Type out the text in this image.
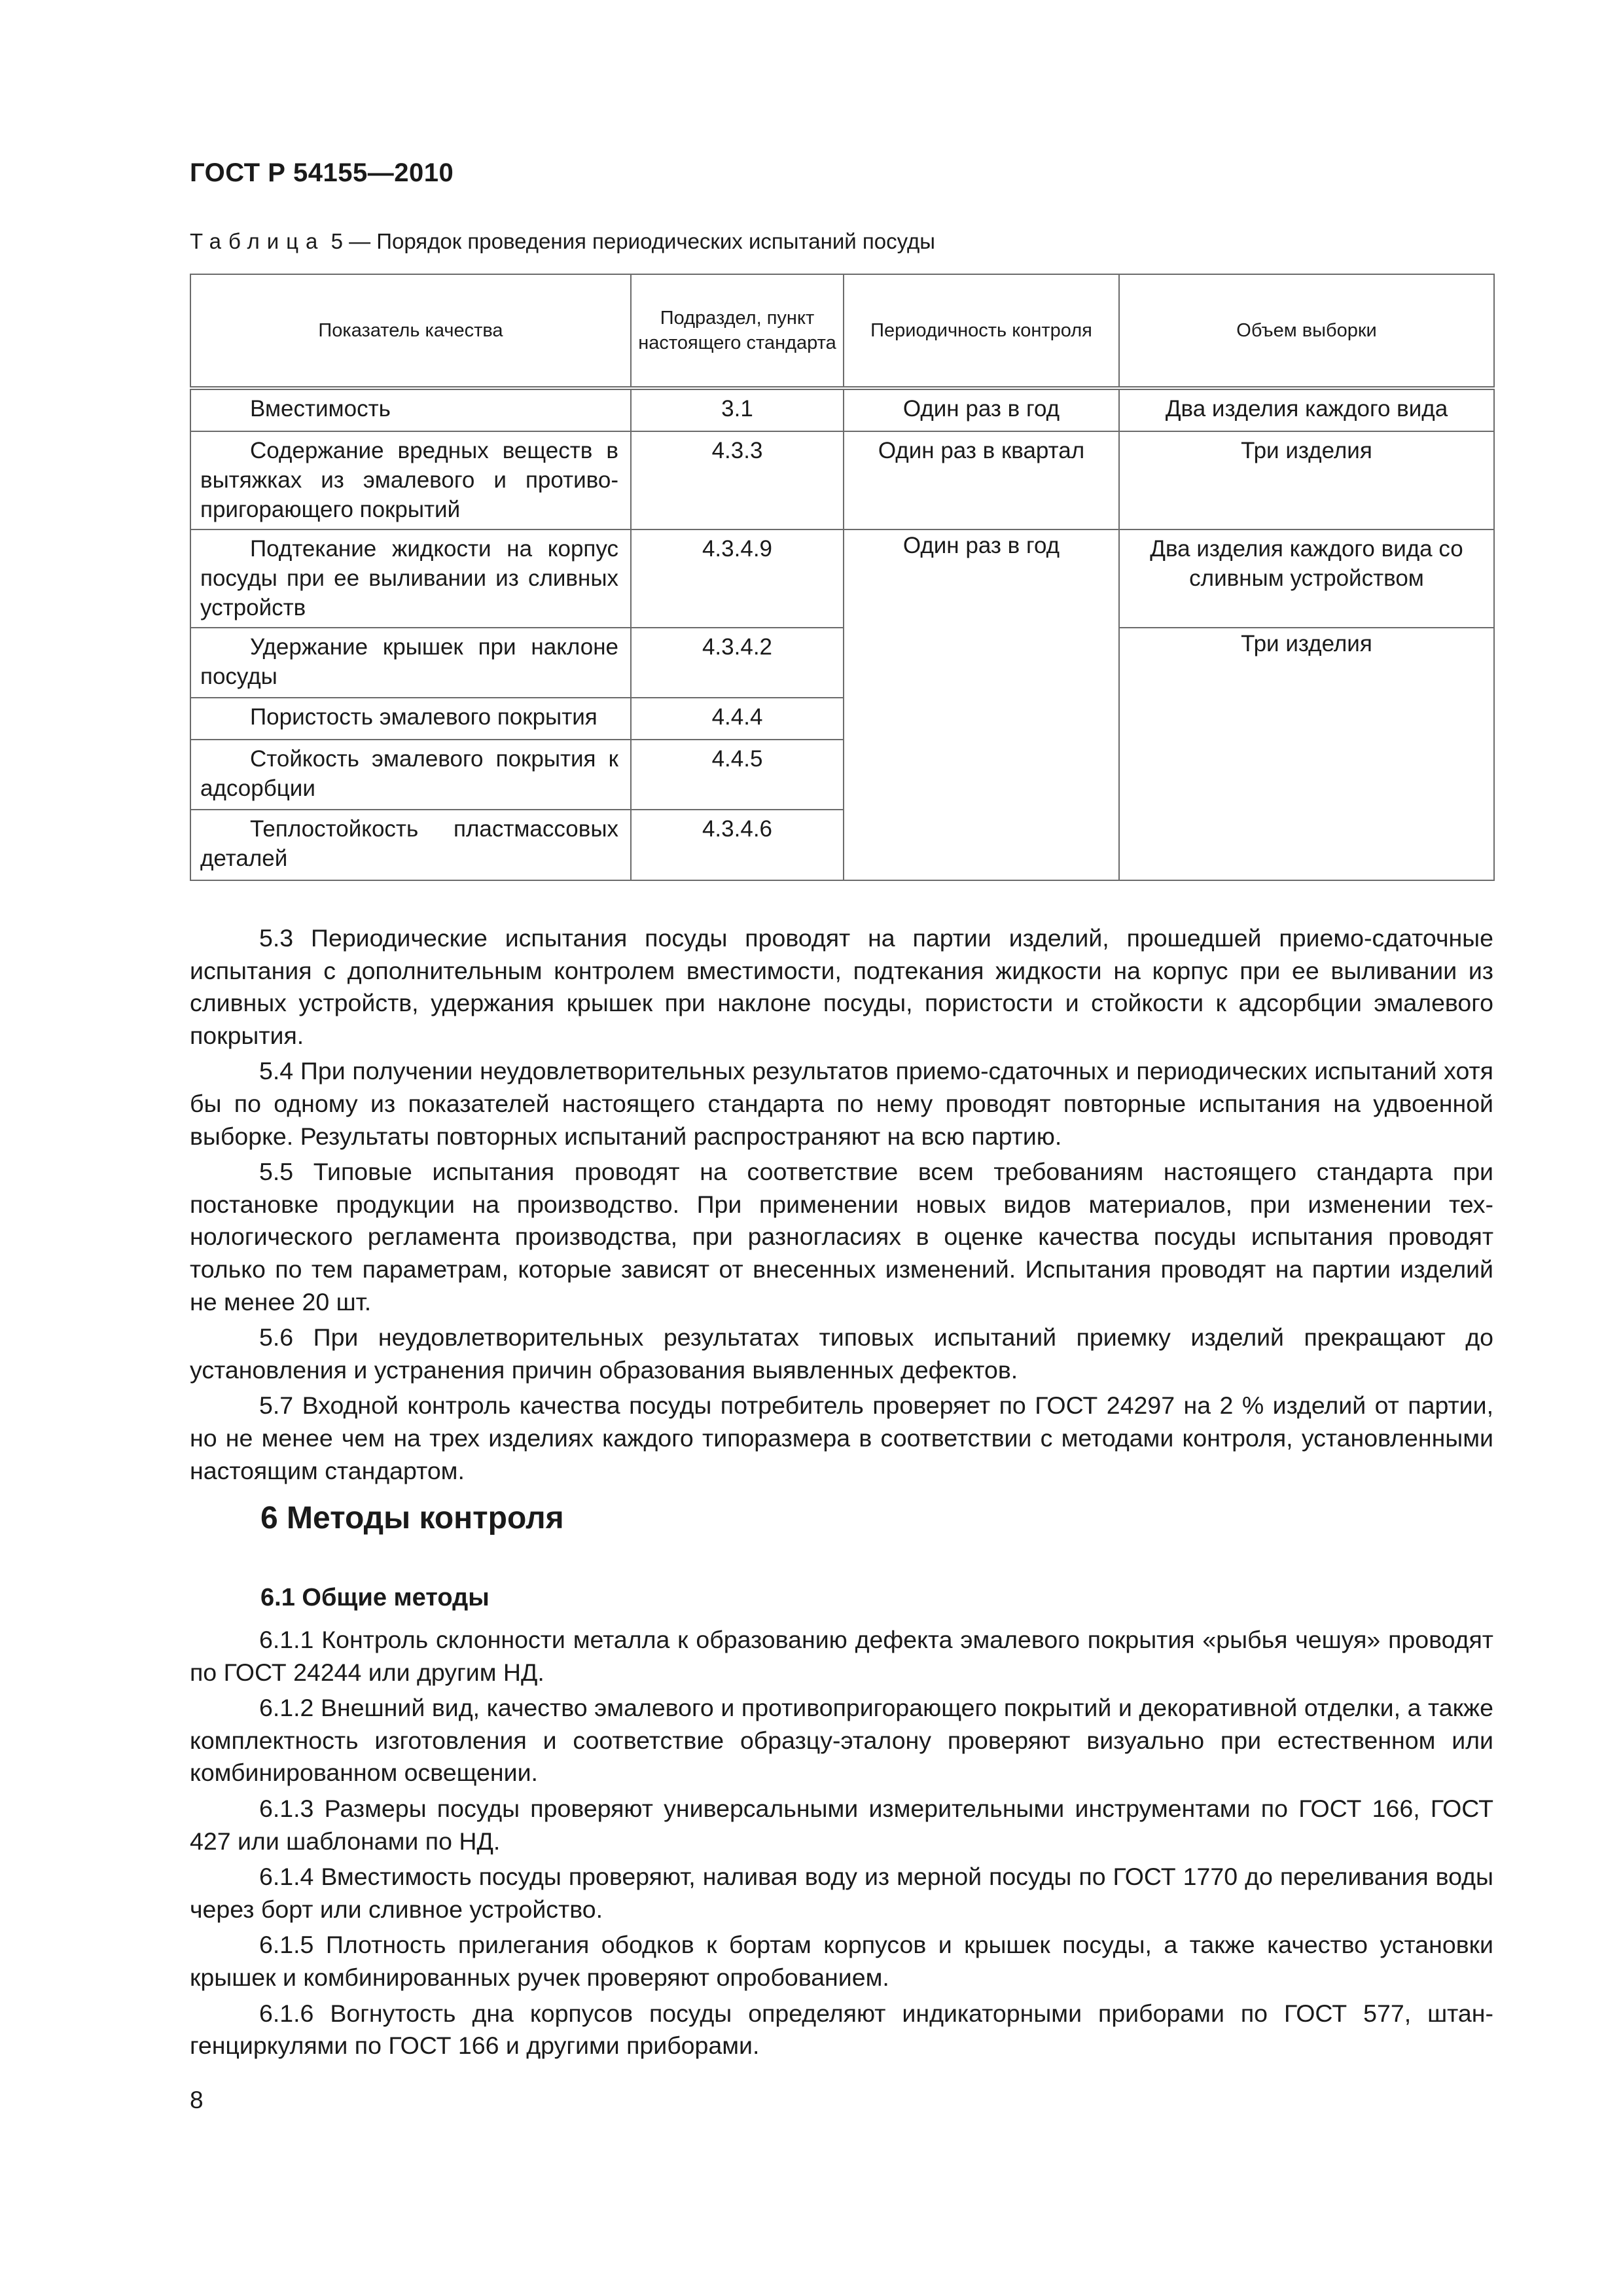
ГОСТ Р 54155—2010
Таблица 5 — Порядок проведения периодических испытаний посуды
Показатель качества	Подраздел, пункт настоящего стандарта	Периодичность контроля	Объем выборки

Вместимость	3.1	Один раз в год	Два изделия каждого вида

Содержание вредных веществ в вытяжках из эмалевого и противопригорающего покрытий	4.3.3	Один раз в квартал	Три изделия

Подтекание жидкости на корпус посуды при ее выливании из сливных устройств	4.3.4.9	Один раз в год	Два изделия каждого вида со сливным устройством

Удержание крышек при наклоне посуды	4.3.4.2		Три изделия

Пористость эмалевого покрытия	4.4.4		

Стойкость эмалевого покрытия к адсорбции	4.4.5		

Теплостойкость пластмассовых деталей	4.3.4.6		

5.3 Периодические испытания посуды проводят на партии изделий, прошедшей приемо-сдаточные испытания с дополнительным контролем вместимости, подтекания жидкости на корпус при ее выливании из сливных устройств, удержания крышек при наклоне посуды, пористости и стойкости к адсорбции эмалевого покрытия.

5.4 При получении неудовлетворительных результатов приемо-сдаточных и периодических испытаний хотя бы по одному из показателей настоящего стандарта по нему проводят повторные испытания на удвоенной выборке. Результаты повторных испытаний распространяют на всю партию.

5.5 Типовые испытания проводят на соответствие всем требованиям настоящего стандарта при постановке продукции на производство. При применении новых видов материалов, при изменении технологического регламента производства, при разногласиях в оценке качества посуды испытания проводят только по тем параметрам, которые зависят от внесенных изменений. Испытания проводят на партии изделий не менее 20 шт.

5.6 При неудовлетворительных результатах типовых испытаний приемку изделий прекращают до установления и устранения причин образования выявленных дефектов.

5.7 Входной контроль качества посуды потребитель проверяет по ГОСТ 24297 на 2 % изделий от партии, но не менее чем на трех изделиях каждого типоразмера в соответствии с методами контроля, установленными настоящим стандартом.

6 Методы контроля
6.1 Общие методы

6.1.1 Контроль склонности металла к образованию дефекта эмалевого покрытия «рыбья чешуя» проводят по ГОСТ 24244 или другим НД.

6.1.2 Внешний вид, качество эмалевого и противопригорающего покрытий и декоративной отделки, а также комплектность изготовления и соответствие образцу-эталону проверяют визуально при естественном или комбинированном освещении.

6.1.3 Размеры посуды проверяют универсальными измерительными инструментами по ГОСТ 166, ГОСТ 427 или шаблонами по НД.

6.1.4 Вместимость посуды проверяют, наливая воду из мерной посуды по ГОСТ 1770 до переливания воды через борт или сливное устройство.

6.1.5 Плотность прилегания ободков к бортам корпусов и крышек посуды, а также качество установки крышек и комбинированных ручек проверяют опробованием.

6.1.6 Вогнутость дна корпусов посуды определяют индикаторными приборами по ГОСТ 577, штангенциркулями по ГОСТ 166 и другими приборами.

8
